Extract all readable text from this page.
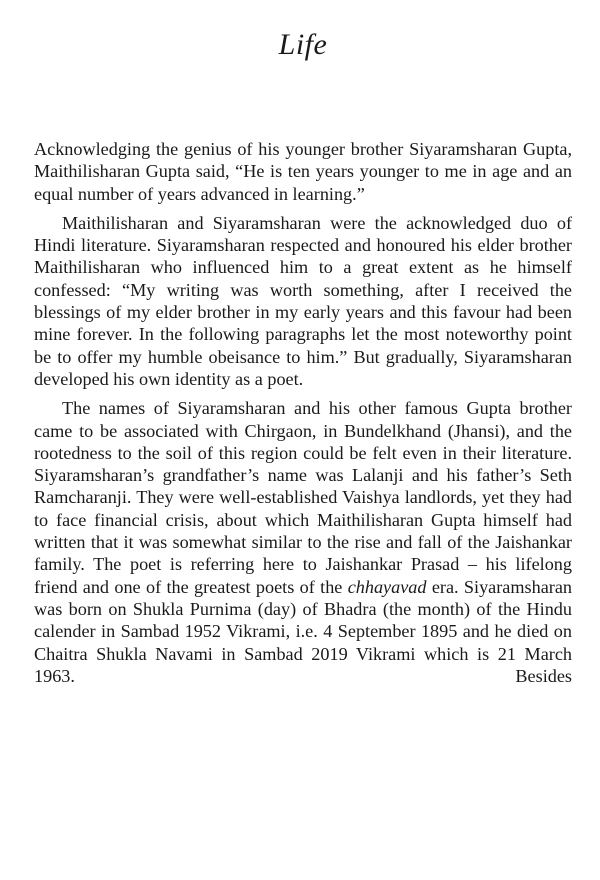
Life

Acknowledging the genius of his younger brother Siyaramsharan Gupta, Maithilisharan Gupta said, “He is ten years younger to me in age and an equal number of years advanced in learning.”

Maithilisharan and Siyaramsharan were the acknowledged duo of Hindi literature. Siyaramsharan respected and honoured his elder brother Maithilisharan who influenced him to a great extent as he himself confessed: “My writing was worth something, after I received the blessings of my elder brother in my early years and this favour had been mine forever. In the following paragraphs let the most noteworthy point be to offer my humble obeisance to him.” But gradually, Siyaramsharan developed his own identity as a poet.

The names of Siyaramsharan and his other famous Gupta brother came to be associated with Chirgaon, in Bundelkhand (Jhansi), and the rootedness to the soil of this region could be felt even in their literature. Siyaramsharan’s grandfather’s name was Lalanji and his father’s Seth Ramcharanji. They were well-established Vaishya landlords, yet they had to face financial crisis, about which Maithilisharan Gupta himself had written that it was somewhat similar to the rise and fall of the Jaishankar family. The poet is referring here to Jaishankar Prasad – his lifelong friend and one of the greatest poets of the chhayavad era. Siyaramsharan was born on Shukla Purnima (day) of Bhadra (the month) of the Hindu calender in Sambad 1952 Vikrami, i.e. 4 September 1895 and he died on Chaitra Shukla Navami in Sambad 2019 Vikrami which is 21 March 1963. Besides
